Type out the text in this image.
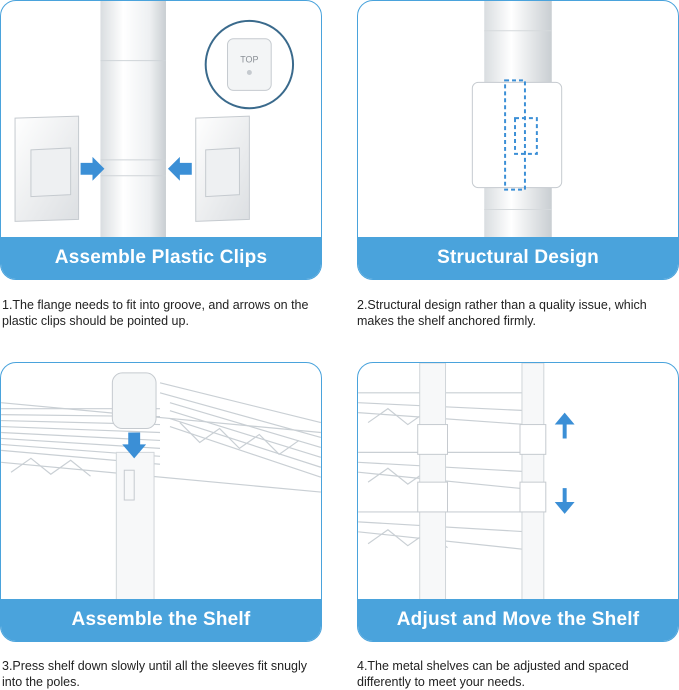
TOP
Assemble Plastic Clips
1.The flange needs to fit into groove, and arrows on the plastic clips should be pointed up.
Structural Design
2.Structural design rather than a quality issue, which makes the shelf anchored firmly.
Assemble the Shelf
3.Press shelf down slowly until all the sleeves fit snugly into the poles.
Adjust and Move the Shelf
4.The metal shelves can be adjusted and spaced differently to meet your needs.
